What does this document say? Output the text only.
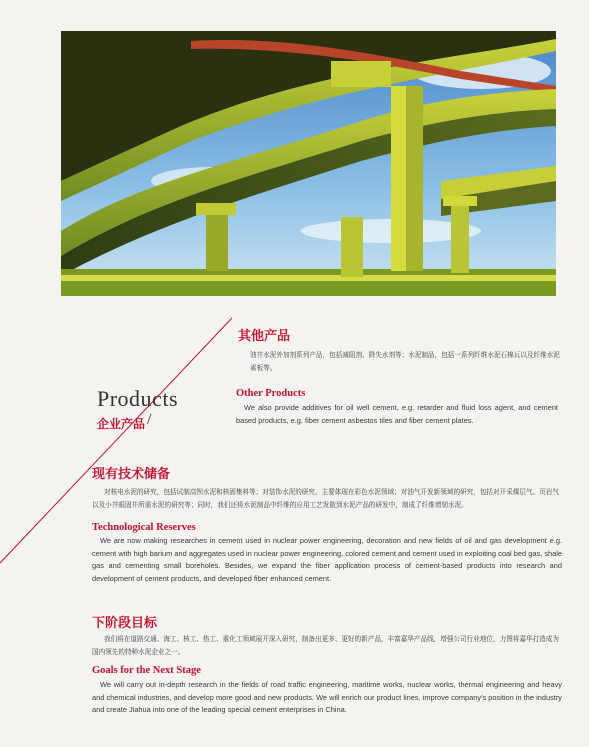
Products
企业产品 /
其他产品
油井水泥外加剂系列产品，包括减阻剂、降失水剂等；水泥制品，包括一系列纤维水泥石棉瓦以及纤维水泥素板等。
Other Products
We also provide additives for oil well cement, e.g. retarder and fluid loss agent, and cement based products, e.g. fiber cement asbestos tiles and fiber cement plates.
现有技术储备
对核电水泥的研究，包括试制高钡水泥和核固集料等；对装饰水泥的研究，主要体现在彩色水泥领域；对油气开发新领域的研究，包括对开采煤层气、页岩气以及小井眼固井所需水泥的研究等；同时，我们还将水泥制品中纤维的应用工艺发散到水泥产品的研发中，制成了纤维增韧水泥。
Technological Reserves
We are now making researches in cement used in nuclear power engineering, decoration and new fields of oil and gas development e.g. cement with high barium and aggregates used in nuclear power engineering, colored cement and cement used in exploiting coal bed gas, shale gas and cementing small boreholes. Besides, we expand the fiber application process of cement-based products into research and development of cement products, and developed fiber enhanced cement.
下阶段目标
我们将在道路交通、海工、核工、热工、重化工领域展开深入研究，制备出更多、更好的新产品，丰富嘉华产品线，增强公司行业地位，力图将嘉华打造成为国内领先的特种水泥企业之一。
Goals for the Next Stage
We will carry out in-depth research in the fields of road traffic engineering, maritime works, nuclear works, thermal engineering and heavy and chemical industries, and develop more good and new products. We will enrich our product lines, improve company's position in the industry and create Jiahua into one of the leading special cement enterprises in China.
